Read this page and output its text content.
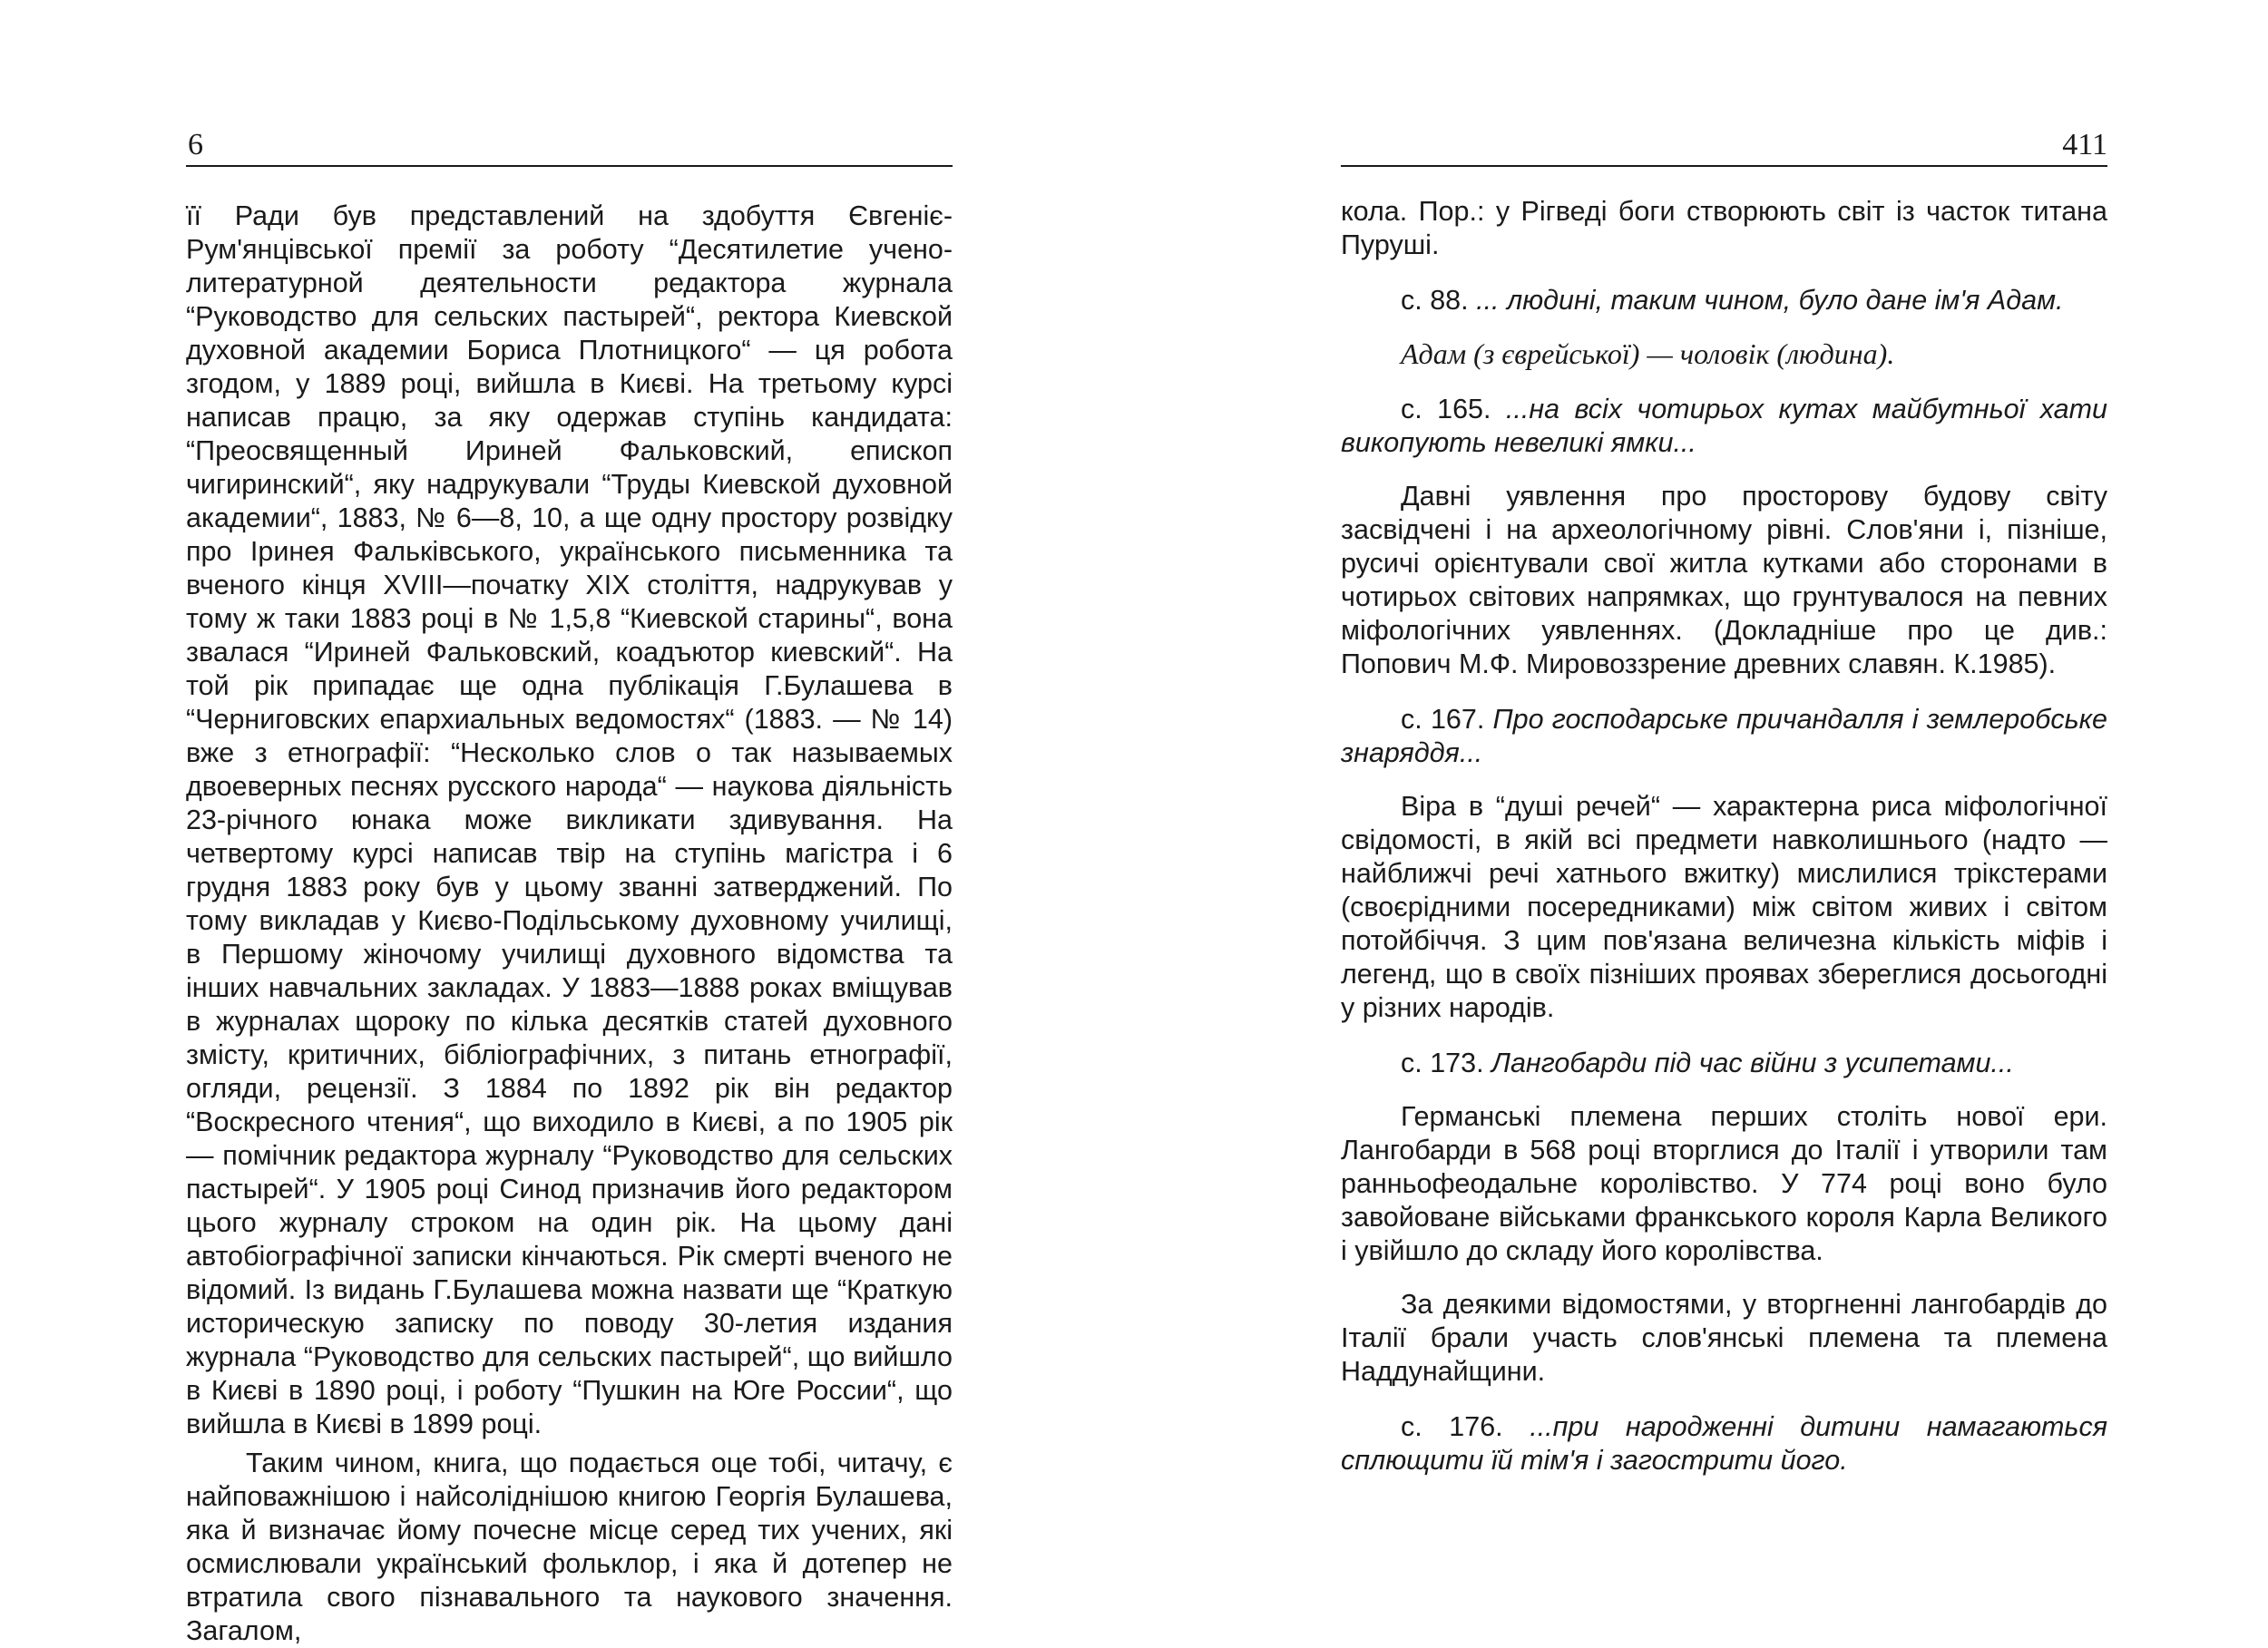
6

її Ради був представлений на здобуття Євгеніє-Рум'янцівської премії за роботу “Десятилетие учено-литературной деятельности редактора журнала “Руководство для сельских пастырей“, ректора Киевской духовной академии Бориса Плотницкого“ — ця робота згодом, у 1889 році, вийшла в Києві. На третьому курсі написав працю, за яку одержав ступінь кандидата: “Преосвященный Ириней Фальковский, епископ чигиринский“, яку надрукували “Труды Киевской духовной академии“, 1883, № 6—8, 10, а ще одну простору розвідку про Іринея Фальківського, українського письменника та вченого кінця XVIII—початку XIX століття, надрукував у тому ж таки 1883 році в № 1,5,8 “Киевской старины“, вона звалася “Ириней Фальковский, коадъютор киевский“. На той рік припадає ще одна публікація Г.Булашева в “Черниговских епархиальных ведомостях“ (1883. — № 14) вже з етнографії: “Несколько слов о так называемых двоеверных песнях русского народа“ — наукова діяльність 23-річного юнака може викликати здивування. На четвертому курсі написав твір на ступінь магістра і 6 грудня 1883 року був у цьому званні затверджений. По тому викладав у Києво-Подільському духовному училищі, в Першому жіночому училищі духовного відомства та інших навчальних закладах. У 1883—1888 роках вміщував в журналах щороку по кілька десятків статей духовного змісту, критичних, бібліографічних, з питань етнографії, огляди, рецензії. З 1884 по 1892 рік він редактор “Воскресного чтения“, що виходило в Києві, а по 1905 рік — помічник редактора журналу “Руководство для сельских пастырей“. У 1905 році Синод призначив його редактором цього журналу строком на один рік. На цьому дані автобіографічної записки кінчаються. Рік смерті вченого не відомий. Із видань Г.Булашева можна назвати ще “Краткую историческую записку по поводу 30-летия издания журнала “Руководство для сельских пастырей“, що вийшло в Києві в 1890 році, і роботу “Пушкин на Юге России“, що вийшла в Києві в 1899 році.

Таким чином, книга, що подається оце тобі, читачу, є найповажнішою і найсоліднішою книгою Георгія Булашева, яка й визначає йому почесне місце серед тих учених, які осмислювали український фольклор, і яка й дотепер не втратила свого пізнавального та наукового значення. Загалом,

411

кола. Пор.: у Рігведі боги створюють світ із часток титана Пуруші.

с. 88. ... людині, таким чином, було дане ім'я Адам.

Адам (з єврейської) — чоловік (людина).

с. 165. ...на всіх чотирьох кутах майбутньої хати викопують невеликі ямки...

Давні уявлення про просторову будову світу засвідчені і на археологічному рівні. Слов'яни і, пізніше, русичі орієнтували свої житла кутками або сторонами в чотирьох світових напрямках, що грунтувалося на певних міфологічних уявленнях. (Докладніше про це див.: Попович М.Ф. Мировоззрение древних славян. К.1985).

с. 167. Про господарське причандалля і землеробське знаряддя...

Віра в “душі речей“ — характерна риса міфологічної свідомості, в якій всі предмети навколишнього (надто — найближчі речі хатнього вжитку) мислилися трікстерами (своєрідними посередниками) між світом живих і світом потойбіччя. З цим пов'язана величезна кількість міфів і легенд, що в своїх пізніших проявах збереглися досьогодні у різних народів.

с. 173. Лангобарди під час війни з усипетами...

Германські племена перших століть нової ери. Лангобарди в 568 році вторглися до Італії і утворили там ранньофеодальне королівство. У 774 році воно було завойоване військами франкського короля Карла Великого і увійшло до складу його королівства.

За деякими відомостями, у вторгненні лангобардів до Італії брали участь слов'янські племена та племена Наддунайщини.

с. 176. ...при народженні дитини намагаються сплющити їй тім'я і загострити його.
